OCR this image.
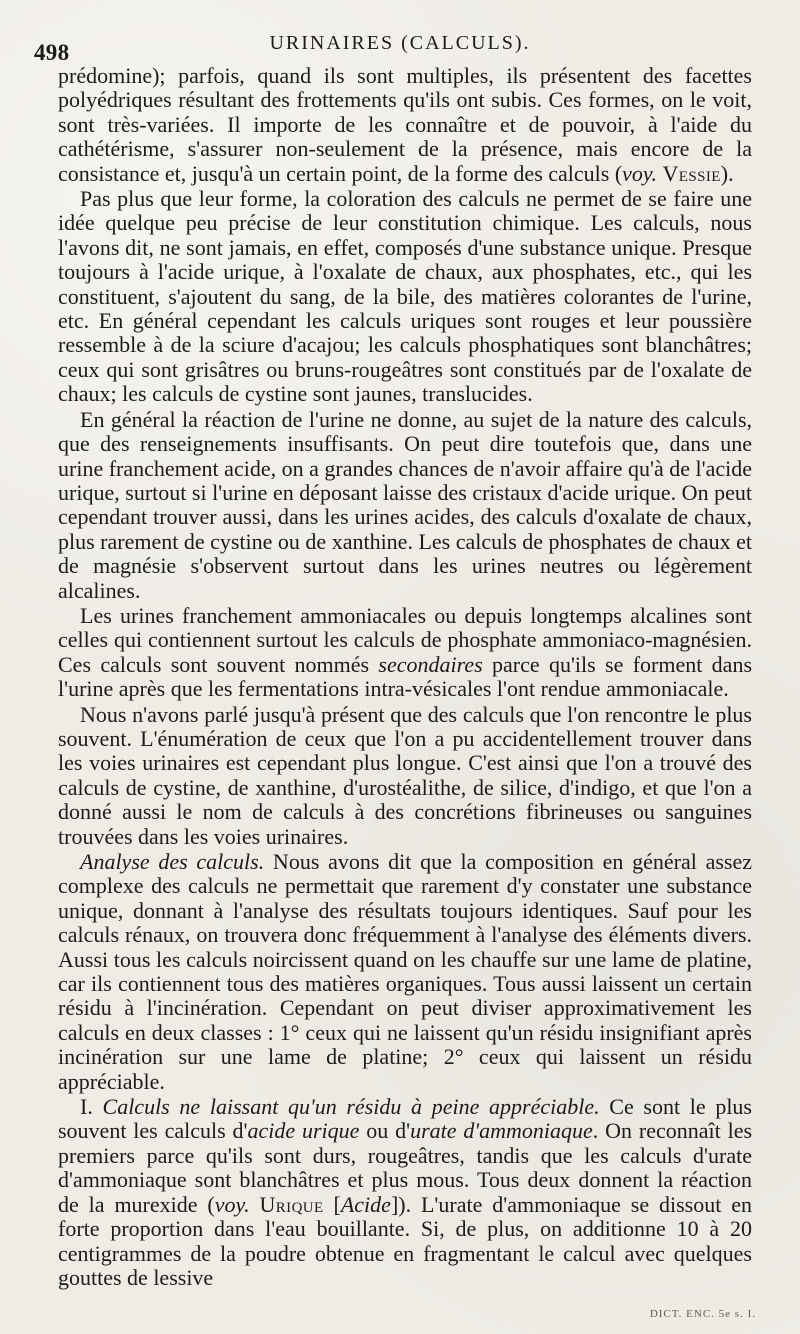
498	URINAIRES (CALCULS).

prédomine); parfois, quand ils sont multiples, ils présentent des facettes polyédriques résultant des frottements qu'ils ont subis. Ces formes, on le voit, sont très-variées. Il importe de les connaître et de pouvoir, à l'aide du cathétérisme, s'assurer non-seulement de la présence, mais encore de la consistance et, jusqu'à un certain point, de la forme des calculs (voy. Vessie).

Pas plus que leur forme, la coloration des calculs ne permet de se faire une idée quelque peu précise de leur constitution chimique. Les calculs, nous l'avons dit, ne sont jamais, en effet, composés d'une substance unique. Presque toujours à l'acide urique, à l'oxalate de chaux, aux phosphates, etc., qui les constituent, s'ajoutent du sang, de la bile, des matières colorantes de l'urine, etc. En général cependant les calculs uriques sont rouges et leur poussière ressemble à de la sciure d'acajou; les calculs phosphatiques sont blanchâtres; ceux qui sont grisâtres ou bruns-rougeâtres sont constitués par de l'oxalate de chaux; les calculs de cystine sont jaunes, translucides.

En général la réaction de l'urine ne donne, au sujet de la nature des calculs, que des renseignements insuffisants. On peut dire toutefois que, dans une urine franchement acide, on a grandes chances de n'avoir affaire qu'à de l'acide urique, surtout si l'urine en déposant laisse des cristaux d'acide urique. On peut cependant trouver aussi, dans les urines acides, des calculs d'oxalate de chaux, plus rarement de cystine ou de xanthine. Les calculs de phosphates de chaux et de magnésie s'observent surtout dans les urines neutres ou légèrement alcalines.

Les urines franchement ammoniacales ou depuis longtemps alcalines sont celles qui contiennent surtout les calculs de phosphate ammoniaco-magnésien. Ces calculs sont souvent nommés secondaires parce qu'ils se forment dans l'urine après que les fermentations intra-vésicales l'ont rendue ammoniacale.

Nous n'avons parlé jusqu'à présent que des calculs que l'on rencontre le plus souvent. L'énumération de ceux que l'on a pu accidentellement trouver dans les voies urinaires est cependant plus longue. C'est ainsi que l'on a trouvé des calculs de cystine, de xanthine, d'urostéalithe, de silice, d'indigo, et que l'on a donné aussi le nom de calculs à des concrétions fibrineuses ou sanguines trouvées dans les voies urinaires.

Analyse des calculs. Nous avons dit que la composition en général assez complexe des calculs ne permettait que rarement d'y constater une substance unique, donnant à l'analyse des résultats toujours identiques. Sauf pour les calculs rénaux, on trouvera donc fréquemment à l'analyse des éléments divers. Aussi tous les calculs noircissent quand on les chauffe sur une lame de platine, car ils contiennent tous des matières organiques. Tous aussi laissent un certain résidu à l'incinération. Cependant on peut diviser approximativement les calculs en deux classes : 1° ceux qui ne laissent qu'un résidu insignifiant après incinération sur une lame de platine; 2° ceux qui laissent un résidu appréciable.

I. Calculs ne laissant qu'un résidu à peine appréciable. Ce sont le plus souvent les calculs d'acide urique ou d'urate d'ammoniaque. On reconnaît les premiers parce qu'ils sont durs, rougeâtres, tandis que les calculs d'urate d'ammoniaque sont blanchâtres et plus mous. Tous deux donnent la réaction de la murexide (voy. Urique [Acide]). L'urate d'ammoniaque se dissout en forte proportion dans l'eau bouillante. Si, de plus, on additionne 10 à 20 centigrammes de la poudre obtenue en fragmentant le calcul avec quelques gouttes de lessive

DICT. ENC. 5e s. I.
